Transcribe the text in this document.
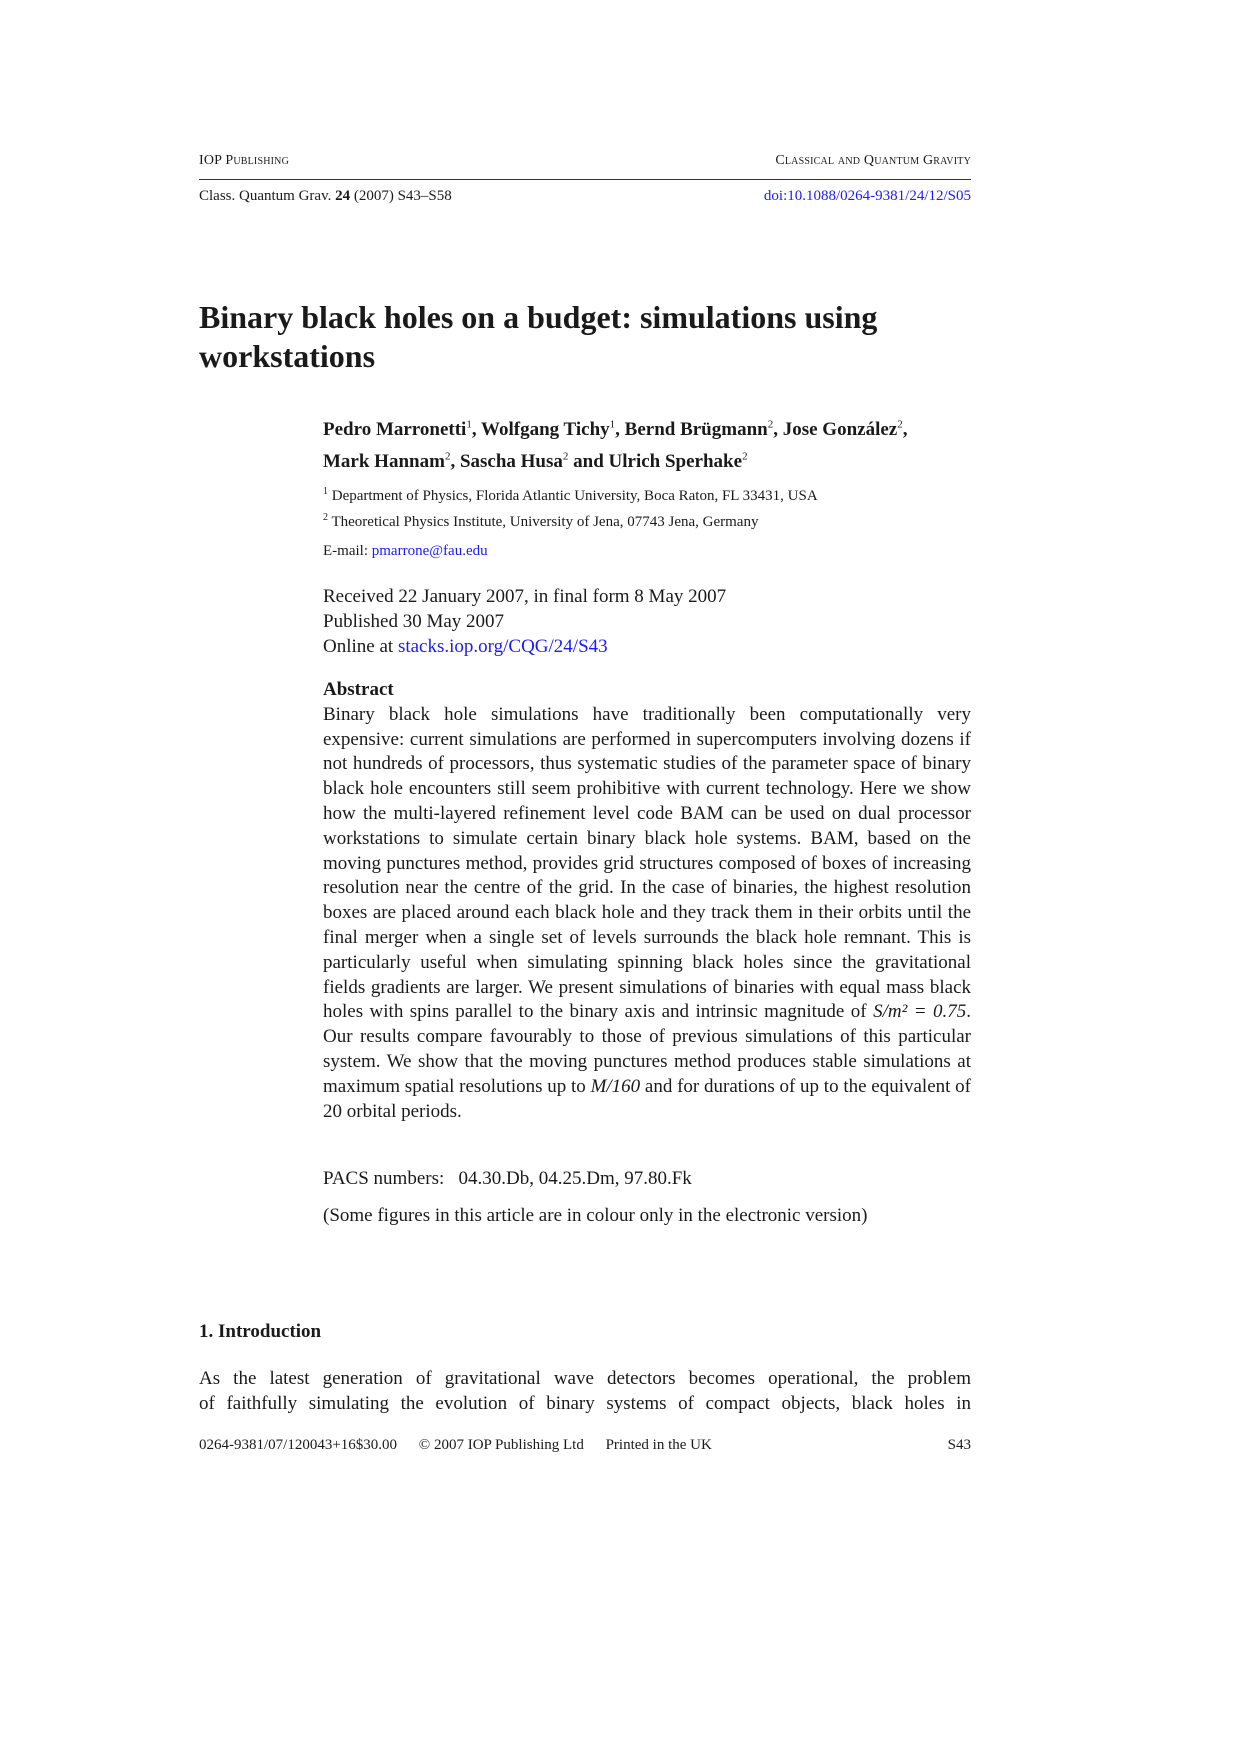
IOP Publishing	Classical and Quantum Gravity
Class. Quantum Grav. 24 (2007) S43–S58	doi:10.1088/0264-9381/24/12/S05
Binary black holes on a budget: simulations using workstations
Pedro Marronetti$^1$, Wolfgang Tichy$^1$, Bernd Brügmann$^2$, Jose González$^2$,
Mark Hannam$^2$, Sascha Husa$^2$ and Ulrich Sperhake$^2$
$^1$ Department of Physics, Florida Atlantic University, Boca Raton, FL 33431, USA
$^2$ Theoretical Physics Institute, University of Jena, 07743 Jena, Germany
E-mail: pmarrone@fau.edu
Received 22 January 2007, in final form 8 May 2007
Published 30 May 2007
Online at stacks.iop.org/CQG/24/S43

Abstract

Binary black hole simulations have traditionally been computationally very expensive: current simulations are performed in supercomputers involving dozens if not hundreds of processors, thus systematic studies of the parameter space of binary black hole encounters still seem prohibitive with current technology. Here we show how the multi-layered refinement level code BAM can be used on dual processor workstations to simulate certain binary black hole systems. BAM, based on the moving punctures method, provides grid structures composed of boxes of increasing resolution near the centre of the grid. In the case of binaries, the highest resolution boxes are placed around each black hole and they track them in their orbits until the final merger when a single set of levels surrounds the black hole remnant. This is particularly useful when simulating spinning black holes since the gravitational fields gradients are larger. We present simulations of binaries with equal mass black holes with spins parallel to the binary axis and intrinsic magnitude of S/m² = 0.75. Our results compare favourably to those of previous simulations of this particular system. We show that the moving punctures method produces stable simulations at maximum spatial resolutions up to M/160 and for durations of up to the equivalent of 20 orbital periods.

PACS numbers: 04.30.Db, 04.25.Dm, 97.80.Fk
(Some figures in this article are in colour only in the electronic version)
1. Introduction

As the latest generation of gravitational wave detectors becomes operational, the problem

of faithfully simulating the evolution of binary systems of compact objects, black holes in

0264-9381/07/120043+16$30.00 © 2007 IOP Publishing Ltd Printed in the UK	S43
